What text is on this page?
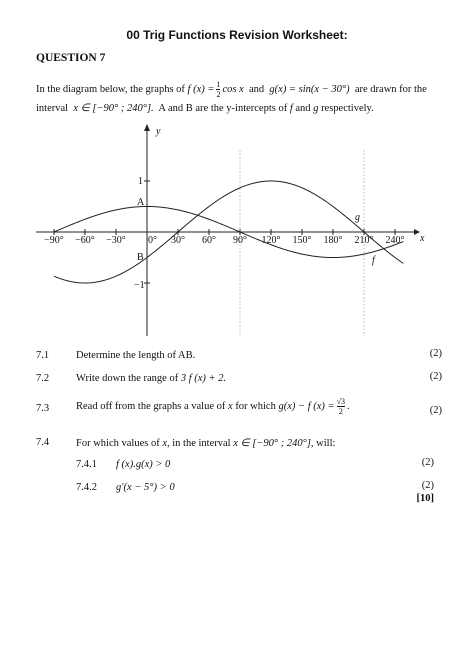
00 Trig Functions Revision Worksheet:
QUESTION 7
In the diagram below, the graphs of f $(x) = \frac{1}{2}$ cos x and g(x) = sin(x − 30°) are drawn for the
interval x ∈ [−90° ; 240°]. A and B are the y-intercepts of f and g respectively.
−90° −60° −30° 0° 30° 60° 90° 120° 150° 180° 210° 240°
y
x
1
−1
A
B
g
f
7.1	Determine the length of AB.	(2)
7.2	Write down the range of 3 f (x) + 2.	(2)
7.3	Read off from the graphs a value of x for which g(x) − f $(x) = \frac{√3}{2}$ .	(2)
7.4	For which values of x, in the interval x ∈ [−90° ; 240°], will:
7.4.1 f (x).g(x) > 0	(2)
7.4.2 g′(x − 5°) > 0	(2)
[10]
